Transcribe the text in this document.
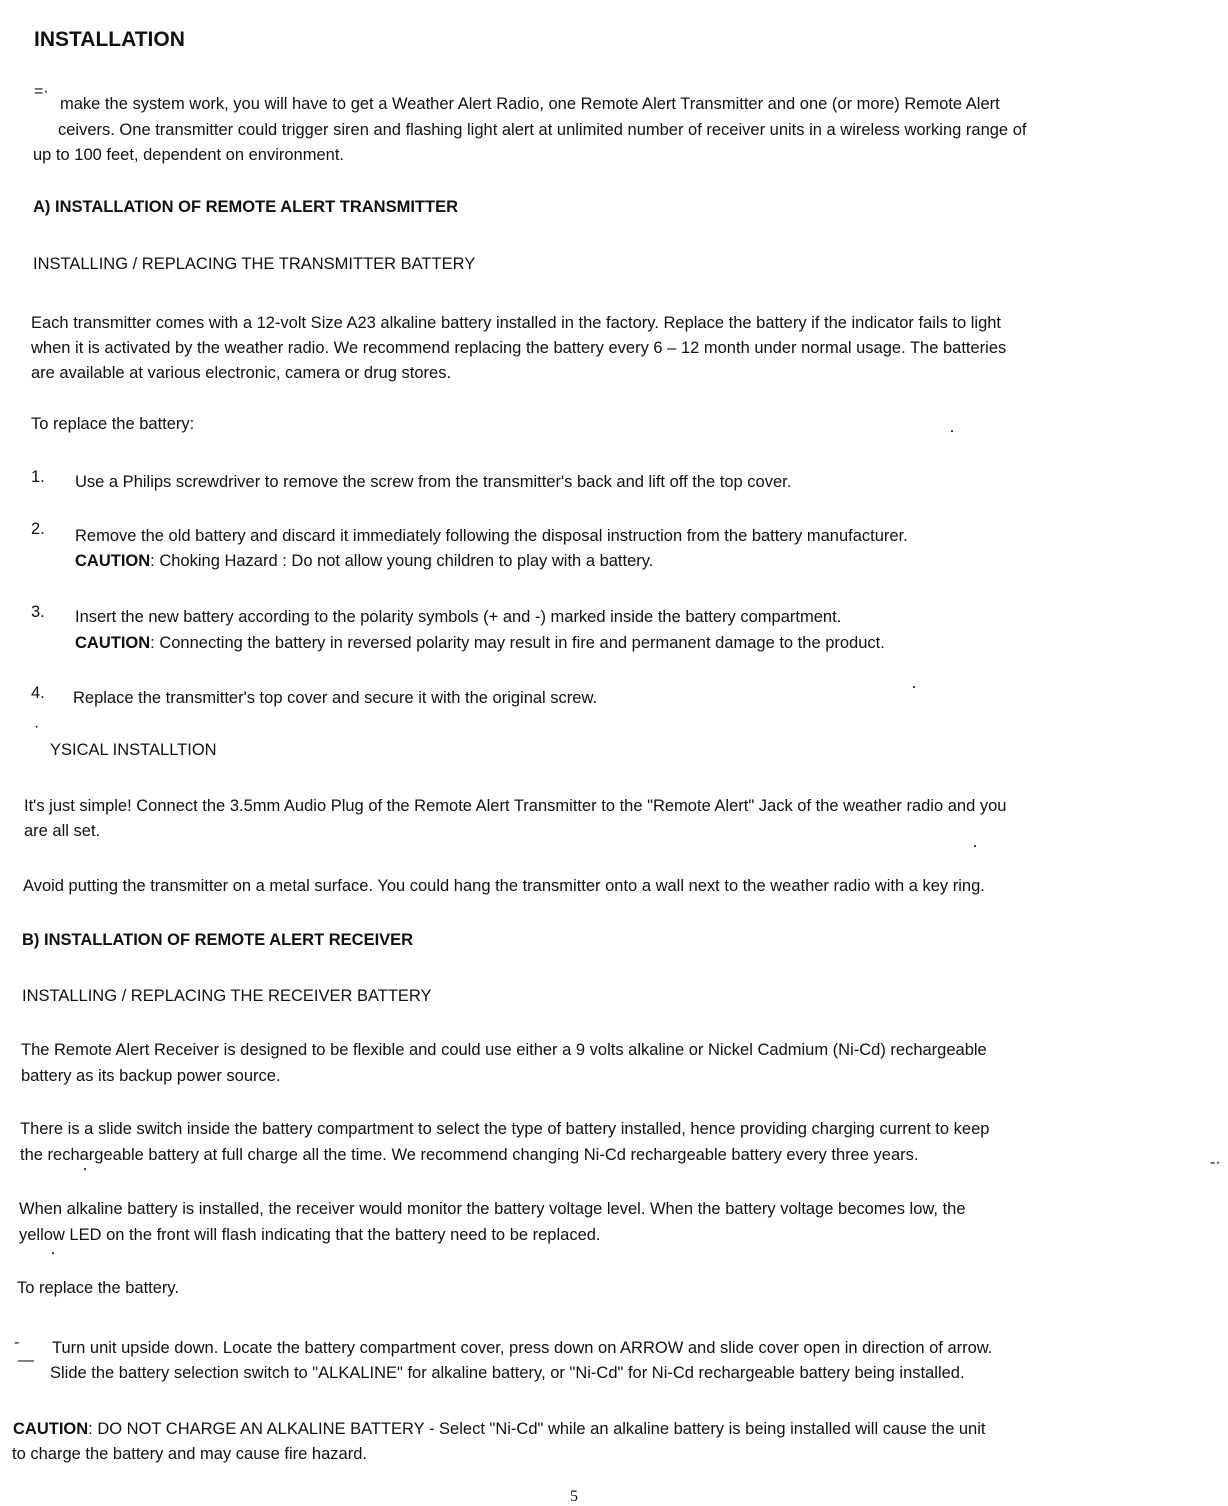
INSTALLATION
=·
make the system work, you will have to get a Weather Alert Radio, one Remote Alert Transmitter and one (or more) Remote Alert
ceivers. One transmitter could trigger siren and flashing light alert at unlimited number of receiver units in a wireless working range of
up to 100 feet, dependent on environment.
A) INSTALLATION OF REMOTE ALERT TRANSMITTER
INSTALLING / REPLACING THE TRANSMITTER BATTERY
Each transmitter comes with a 12-volt Size A23 alkaline battery installed in the factory. Replace the battery if the indicator fails to light
when it is activated by the weather radio. We recommend replacing the battery every 6 – 12 month under normal usage. The batteries
are available at various electronic, camera or drug stores.
To replace the battery:
1. Use a Philips screwdriver to remove the screw from the transmitter's back and lift off the top cover.
2. Remove the old battery and discard it immediately following the disposal instruction from the battery manufacturer.
CAUTION: Choking Hazard : Do not allow young children to play with a battery.
3. Insert the new battery according to the polarity symbols (+ and -) marked inside the battery compartment.
CAUTION: Connecting the battery in reversed polarity may result in fire and permanent damage to the product.
4. Replace the transmitter's top cover and secure it with the original screw.
·
YSICAL INSTALLTION
It's just simple! Connect the 3.5mm Audio Plug of the Remote Alert Transmitter to the "Remote Alert" Jack of the weather radio and you
are all set.
Avoid putting the transmitter on a metal surface. You could hang the transmitter onto a wall next to the weather radio with a key ring.
B) INSTALLATION OF REMOTE ALERT RECEIVER
INSTALLING / REPLACING THE RECEIVER BATTERY
The Remote Alert Receiver is designed to be flexible and could use either a 9 volts alkaline or Nickel Cadmium (Ni-Cd) rechargeable
battery as its backup power source.
There is a slide switch inside the battery compartment to select the type of battery installed, hence providing charging current to keep
the rechargeable battery at full charge all the time. We recommend changing Ni-Cd rechargeable battery every three years.	-·
When alkaline battery is installed, the receiver would monitor the battery voltage level. When the battery voltage becomes low, the
yellow LED on the front will flash indicating that the battery need to be replaced.
To replace the battery.
- Turn unit upside down. Locate the battery compartment cover, press down on ARROW and slide cover open in direction of arrow.
—
Slide the battery selection switch to "ALKALINE" for alkaline battery, or "Ni-Cd" for Ni-Cd rechargeable battery being installed.
CAUTION: DO NOT CHARGE AN ALKALINE BATTERY - Select "Ni-Cd" while an alkaline battery is being installed will cause the unit
to charge the battery and may cause fire hazard.
5
